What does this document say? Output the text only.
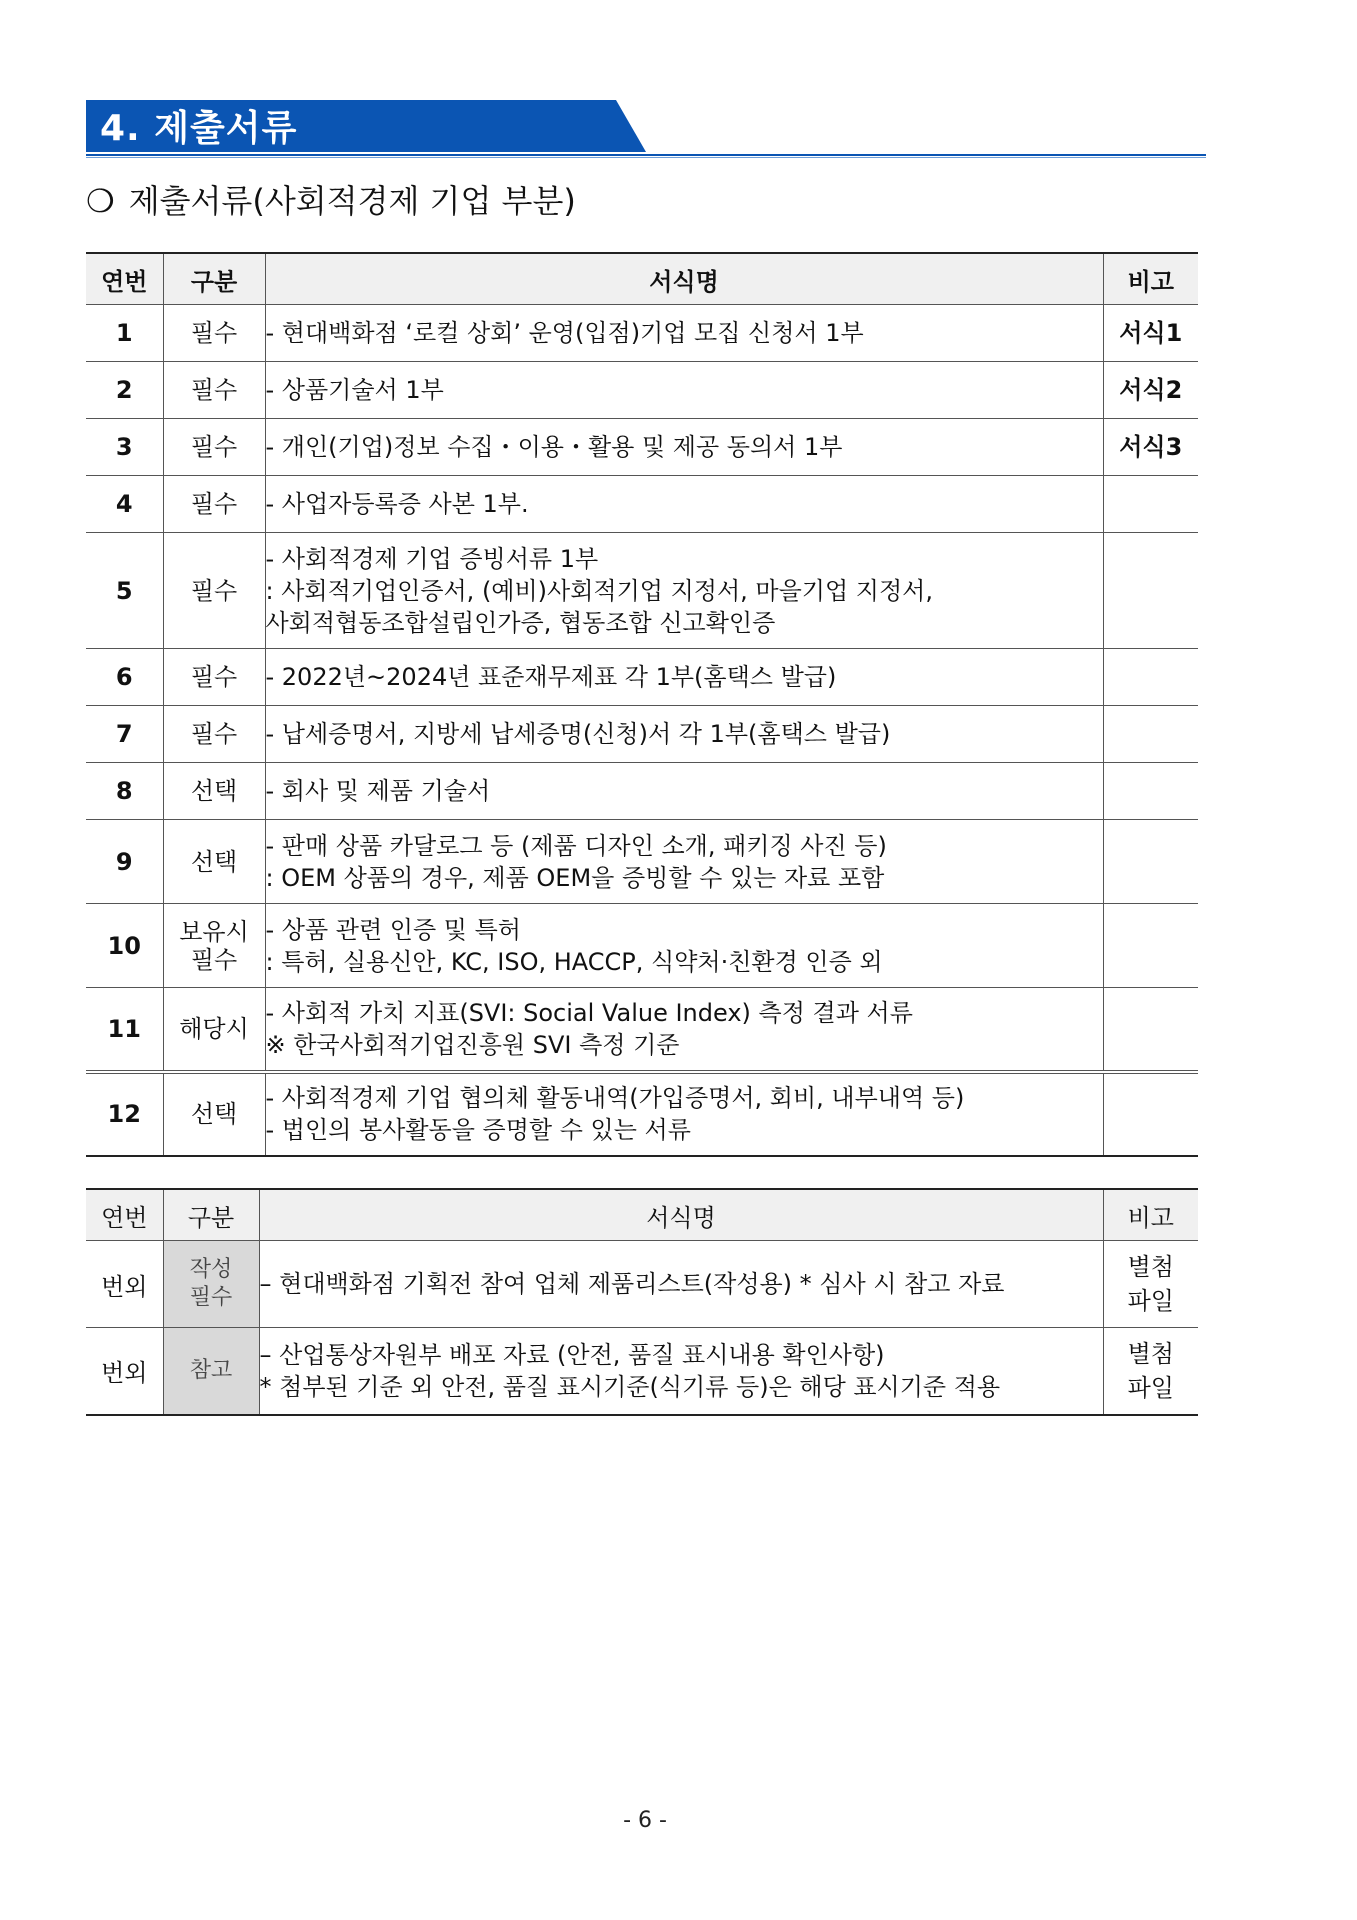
4. 제출서류
❍ 제출서류(사회적경제 기업 부분)
연번	구분	서식명	비고
1	필수	- 현대백화점 ‘로컬 상회’ 운영(입점)기업 모집 신청서 1부	서식1

2	필수	- 상품기술서 1부	서식2

3	필수	- 개인(기업)정보 수집・이용・활용 및 제공 동의서 1부	서식3

4	필수	- 사업자등록증 사본 1부.	

5	필수	- 사회적경제 기업 증빙서류 1부
: 사회적기업인증서, (예비)사회적기업 지정서, 마을기업 지정서,
사회적협동조합설립인가증, 협동조합 신고확인증	

6	필수	- 2022년~2024년 표준재무제표 각 1부(홈택스 발급)	

7	필수	- 납세증명서, 지방세 납세증명(신청)서 각 1부(홈택스 발급)	

8	선택	- 회사 및 제품 기술서	

9	선택	- 판매 상품 카달로그 등 (제품 디자인 소개, 패키징 사진 등)
: OEM 상품의 경우, 제품 OEM을 증빙할 수 있는 자료 포함	

10	보유시
필수	- 상품 관련 인증 및 특허
: 특허, 실용신안, KC, ISO, HACCP, 식약처·친환경 인증 외	

11	해당시	- 사회적 가치 지표(SVI: Social Value Index) 측정 결과 서류
※ 한국사회적기업진흥원 SVI 측정 기준	

12	선택	- 사회적경제 기업 협의체 활동내역(가입증명서, 회비, 내부내역 등)
- 법인의 봉사활동을 증명할 수 있는 서류	

연번	구분	서식명	비고
번외	작성
필수	– 현대백화점 기획전 참여 업체 제품리스트(작성용) * 심사 시 참고 자료	별첨
파일

번외	참고	– 산업통상자원부 배포 자료 (안전, 품질 표시내용 확인사항)
* 첨부된 기준 외 안전, 품질 표시기준(식기류 등)은 해당 표시기준 적용	별첨
파일
- 6 -
